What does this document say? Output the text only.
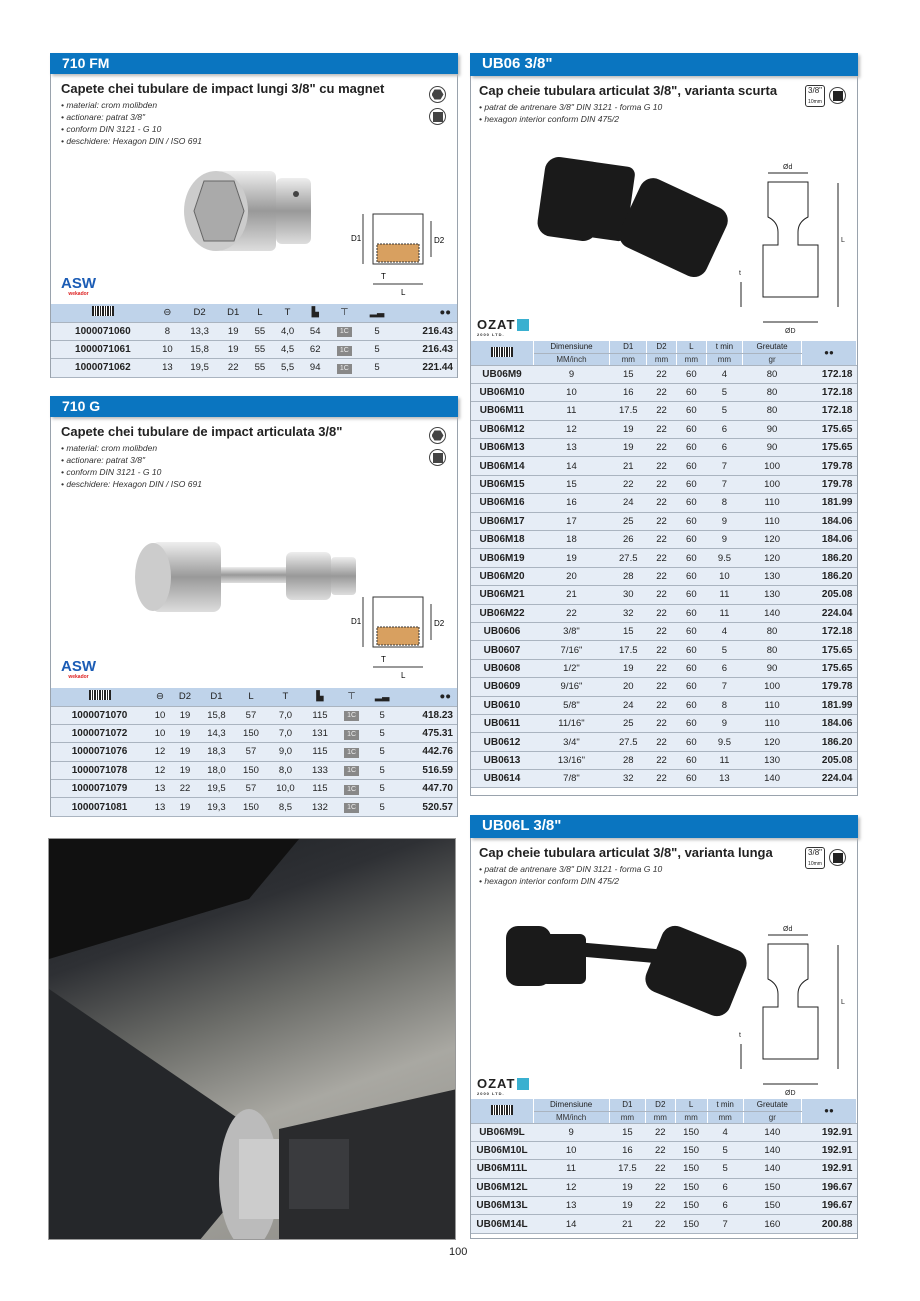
710 FM
Capete chei tubulare de impact lungi 3/8" cu magnet
• material: crom molibden
• actionare: patrat 3/8"
• conform DIN 3121 - G 10
• deschidere: Hexagon DIN / ISO 691
D1	D2
T
L
ASW
wekador
	⊖	D2	D1	L	T	▙	⊤	▂▃	●●
1000071060	8	13,3	19	55	4,0	54	1C	5	216.43
1000071061	10	15,8	19	55	4,5	62	1C	5	216.43
1000071062	13	19,5	22	55	5,5	94	1C	5	221.44
710 G
Capete chei tubulare de impact articulata 3/8"
• material: crom molibden
• actionare: patrat 3/8"
• conform DIN 3121 - G 10
• deschidere: Hexagon DIN / ISO 691
D1	D2
T
L
ASW
wekador
	⊖	D2	D1	L	T	▙	⊤	▂▃	●●
1000071070	10	19	15,8	57	7,0	115	1C	5	418.23
1000071072	10	19	14,3	150	7,0	131	1C	5	475.31
1000071076	12	19	18,3	57	9,0	115	1C	5	442.76
1000071078	12	19	18,0	150	8,0	133	1C	5	516.59
1000071079	13	22	19,5	57	10,0	115	1C	5	447.70
1000071081	13	19	19,3	150	8,5	132	1C	5	520.57
UB06 3/8"
Cap cheie tubulara articulat 3/8", varianta scurta
• patrat de antrenare 3/8" DIN 3121 - forma G 10
• hexagon interior conform DIN 475/2
3/8"
10mm
Ød
L
t
ØD
OZAT
2000 LTD.
	Dimensiune	D1	D2	L	t min	Greutate	●●
	MM/inch	mm	mm	mm	mm	gr	
UB06M9	9	15	22	60	4	80	172.18
UB06M10	10	16	22	60	5	80	172.18
UB06M11	11	17.5	22	60	5	80	172.18
UB06M12	12	19	22	60	6	90	175.65
UB06M13	13	19	22	60	6	90	175.65
UB06M14	14	21	22	60	7	100	179.78
UB06M15	15	22	22	60	7	100	179.78
UB06M16	16	24	22	60	8	110	181.99
UB06M17	17	25	22	60	9	110	184.06
UB06M18	18	26	22	60	9	120	184.06
UB06M19	19	27.5	22	60	9.5	120	186.20
UB06M20	20	28	22	60	10	130	186.20
UB06M21	21	30	22	60	11	130	205.08
UB06M22	22	32	22	60	11	140	224.04
UB0606	3/8"	15	22	60	4	80	172.18
UB0607	7/16"	17.5	22	60	5	80	175.65
UB0608	1/2"	19	22	60	6	90	175.65
UB0609	9/16"	20	22	60	7	100	179.78
UB0610	5/8"	24	22	60	8	110	181.99
UB0611	11/16"	25	22	60	9	110	184.06
UB0612	3/4"	27.5	22	60	9.5	120	186.20
UB0613	13/16"	28	22	60	11	130	205.08
UB0614	7/8"	32	22	60	13	140	224.04
UB06L 3/8"
Cap cheie tubulara articulat 3/8", varianta lunga
• patrat de antrenare 3/8" DIN 3121 - forma G 10
• hexagon interior conform DIN 475/2
3/8"
10mm
Ød
L
t
ØD
OZAT
2000 LTD.
	Dimensiune	D1	D2	L	t min	Greutate	●●
	MM/inch	mm	mm	mm	mm	gr	
UB06M9L	9	15	22	150	4	140	192.91
UB06M10L	10	16	22	150	5	140	192.91
UB06M11L	11	17.5	22	150	5	140	192.91
UB06M12L	12	19	22	150	6	150	196.67
UB06M13L	13	19	22	150	6	150	196.67
UB06M14L	14	21	22	150	7	160	200.88
100
